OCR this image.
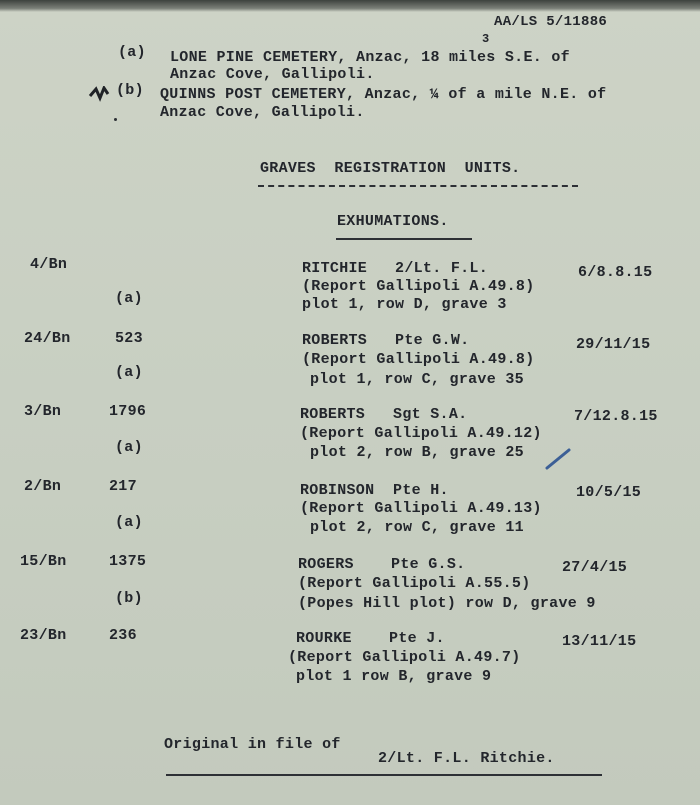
AA/LS 5/11886
3
(a) LONE PINE CEMETERY, Anzac, 18 miles S.E. of
Anzac Cove, Gallipoli.
(b) QUINNS POST CEMETERY, Anzac, ¼ of a mile N.E. of
Anzac Cove, Gallipoli.
GRAVES  REGISTRATION  UNITS.
EXHUMATIONS.
4/Bn
(a)
RITCHIE   2/Lt. F.L.	6/8.8.15
(Report Gallipoli A.49.8)
plot 1, row D, grave 3
24/Bn	523
(a)
ROBERTS   Pte G.W.	29/11/15
(Report Gallipoli A.49.8)
plot 1, row C, grave 35
3/Bn	1796
(a)
ROBERTS   Sgt S.A.	7/12.8.15
(Report Gallipoli A.49.12)
plot 2, row B, grave 25
2/Bn	217
(a)
ROBINSON  Pte H.	10/5/15
(Report Gallipoli A.49.13)
plot 2, row C, grave 11
15/Bn	1375
(b)
ROGERS    Pte G.S.	27/4/15
(Report Gallipoli A.55.5)
(Popes Hill plot) row D, grave 9
23/Bn	236	ROURKE    Pte J.	13/11/15
(Report Gallipoli A.49.7)
plot 1 row B, grave 9
Original in file of
2/Lt. F.L. Ritchie.
